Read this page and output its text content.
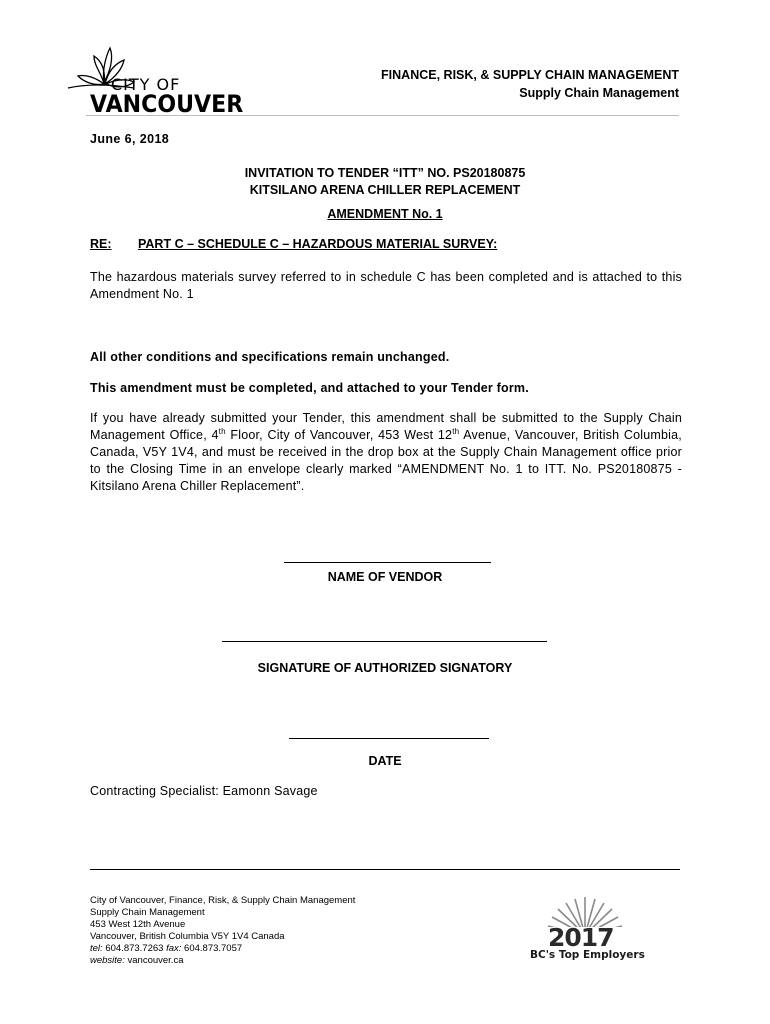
CITY OF
VANCOUVER
FINANCE, RISK, & SUPPLY CHAIN MANAGEMENT
Supply Chain Management
June 6, 2018
INVITATION TO TENDER “ITT” NO. PS20180875
KITSILANO ARENA CHILLER REPLACEMENT
AMENDMENT No. 1
RE: PART C – SCHEDULE C – HAZARDOUS MATERIAL SURVEY:
The hazardous materials survey referred to in schedule C has been completed and is attached to this Amendment No. 1
All other conditions and specifications remain unchanged.
This amendment must be completed, and attached to your Tender form.
If you have already submitted your Tender, this amendment shall be submitted to the Supply Chain Management Office, 4th Floor, City of Vancouver, 453 West 12th Avenue, Vancouver, British Columbia, Canada, V5Y 1V4, and must be received in the drop box at the Supply Chain Management office prior to the Closing Time in an envelope clearly marked “AMENDMENT No. 1 to ITT. No. PS20180875 - Kitsilano Arena Chiller Replacement”.
NAME OF VENDOR
SIGNATURE OF AUTHORIZED SIGNATORY
DATE
Contracting Specialist: Eamonn Savage
City of Vancouver, Finance, Risk, & Supply Chain Management
Supply Chain Management
453 West 12th Avenue
Vancouver, British Columbia V5Y 1V4 Canada
tel: 604.873.7263 fax: 604.873.7057
website: vancouver.ca
2017
BC's Top Employers
